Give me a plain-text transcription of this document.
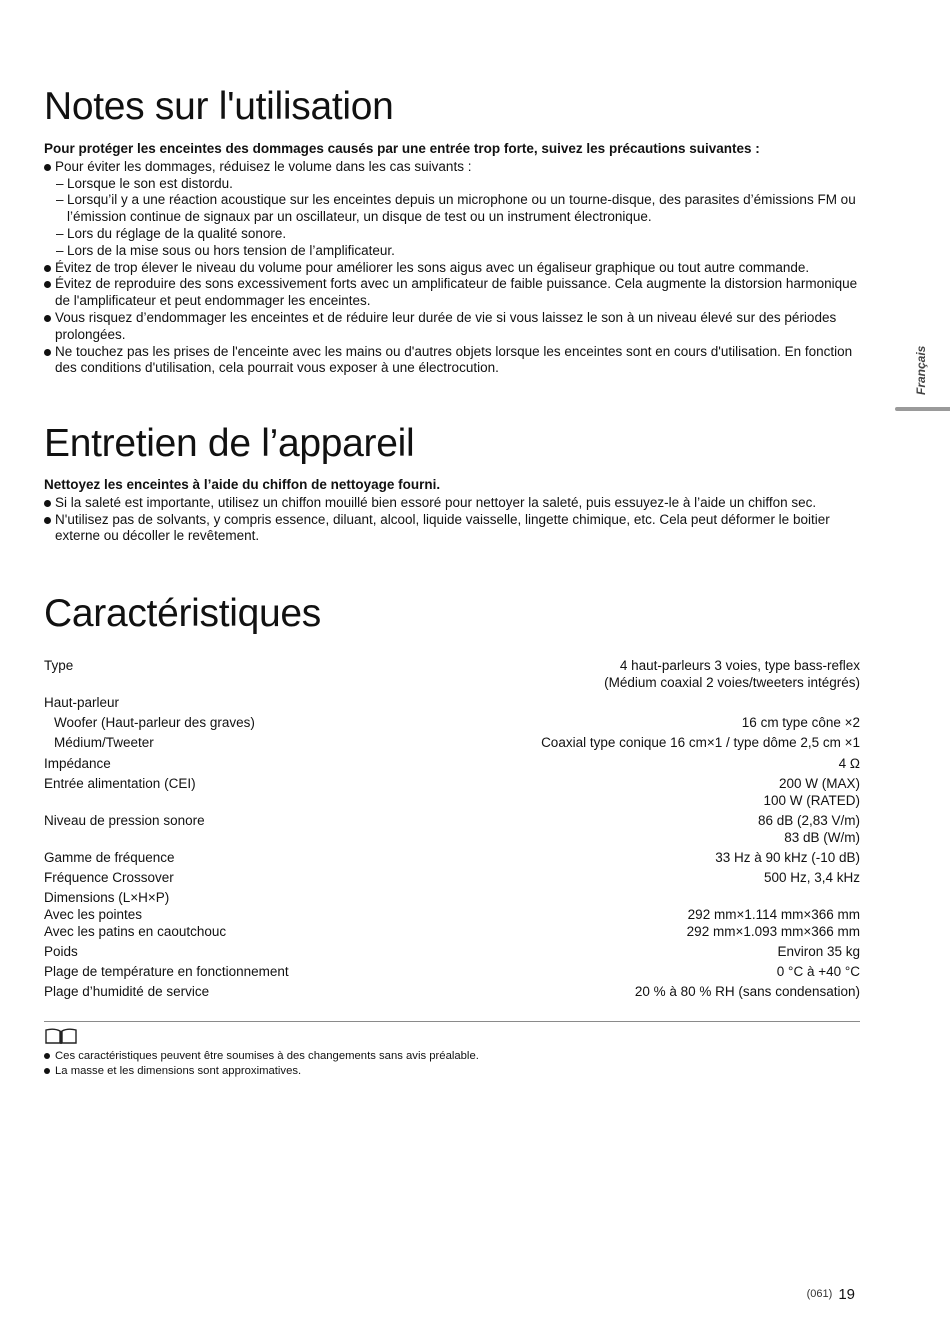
Notes sur l'utilisation

Pour protéger les enceintes des dommages causés par une entrée trop forte, suivez les précautions suivantes :

Pour éviter les dommages, réduisez le volume dans les cas suivants :
– Lorsque le son est distordu.
– Lorsqu’il y a une réaction acoustique sur les enceintes depuis un microphone ou un tourne-disque, des parasites d’émissions FM ou l’émission continue de signaux par un oscillateur, un disque de test ou un instrument électronique.
– Lors du réglage de la qualité sonore.
– Lors de la mise sous ou hors tension de l’amplificateur.
Évitez de trop élever le niveau du volume pour améliorer les sons aigus avec un égaliseur graphique ou tout autre commande.
Évitez de reproduire des sons excessivement forts avec un amplificateur de faible puissance. Cela augmente la distorsion harmonique de l'amplificateur et peut endommager les enceintes.
Vous risquez d’endommager les enceintes et de réduire leur durée de vie si vous laissez le son à un niveau élevé sur des périodes prolongées.
Ne touchez pas les prises de l'enceinte avec les mains ou d'autres objets lorsque les enceintes sont en cours d'utilisation. En fonction des conditions d'utilisation, cela pourrait vous exposer à une électrocution.
Entretien de l’appareil

Nettoyez les enceintes à l’aide du chiffon de nettoyage fourni.

Si la saleté est importante, utilisez un chiffon mouillé bien essoré pour nettoyer la saleté, puis essuyez-le à l’aide un chiffon sec.
N'utilisez pas de solvants, y compris essence, diluant, alcool, liquide vaisselle, lingette chimique, etc. Cela peut déformer le boitier externe ou décoller le revêtement.
Caractéristiques
Type	4 haut-parleurs 3 voies, type bass-reflex
(Médium coaxial 2 voies/tweeters intégrés)
Haut-parleur	
Woofer (Haut-parleur des graves)	16 cm type cône ×2
Médium/Tweeter	Coaxial type conique 16 cm×1 / type dôme 2,5 cm ×1
Impédance	4 Ω
Entrée alimentation (CEI)	200 W (MAX)
100 W (RATED)
Niveau de pression sonore	86 dB (2,83 V/m)
83 dB (W/m)
Gamme de fréquence	33 Hz à 90 kHz (-10 dB)
Fréquence Crossover	500 Hz, 3,4 kHz
Dimensions (L×H×P)	
Avec les pointes	292 mm×1.114 mm×366 mm
Avec les patins en caoutchouc	292 mm×1.093 mm×366 mm
Poids	Environ 35 kg
Plage de température en fonctionnement	0 °C à +40 °C
Plage d’humidité de service	20 % à 80 % RH (sans condensation)
Ces caractéristiques peuvent être soumises à des changements sans avis préalable.
La masse et les dimensions sont approximatives.
Français
(061) 19
